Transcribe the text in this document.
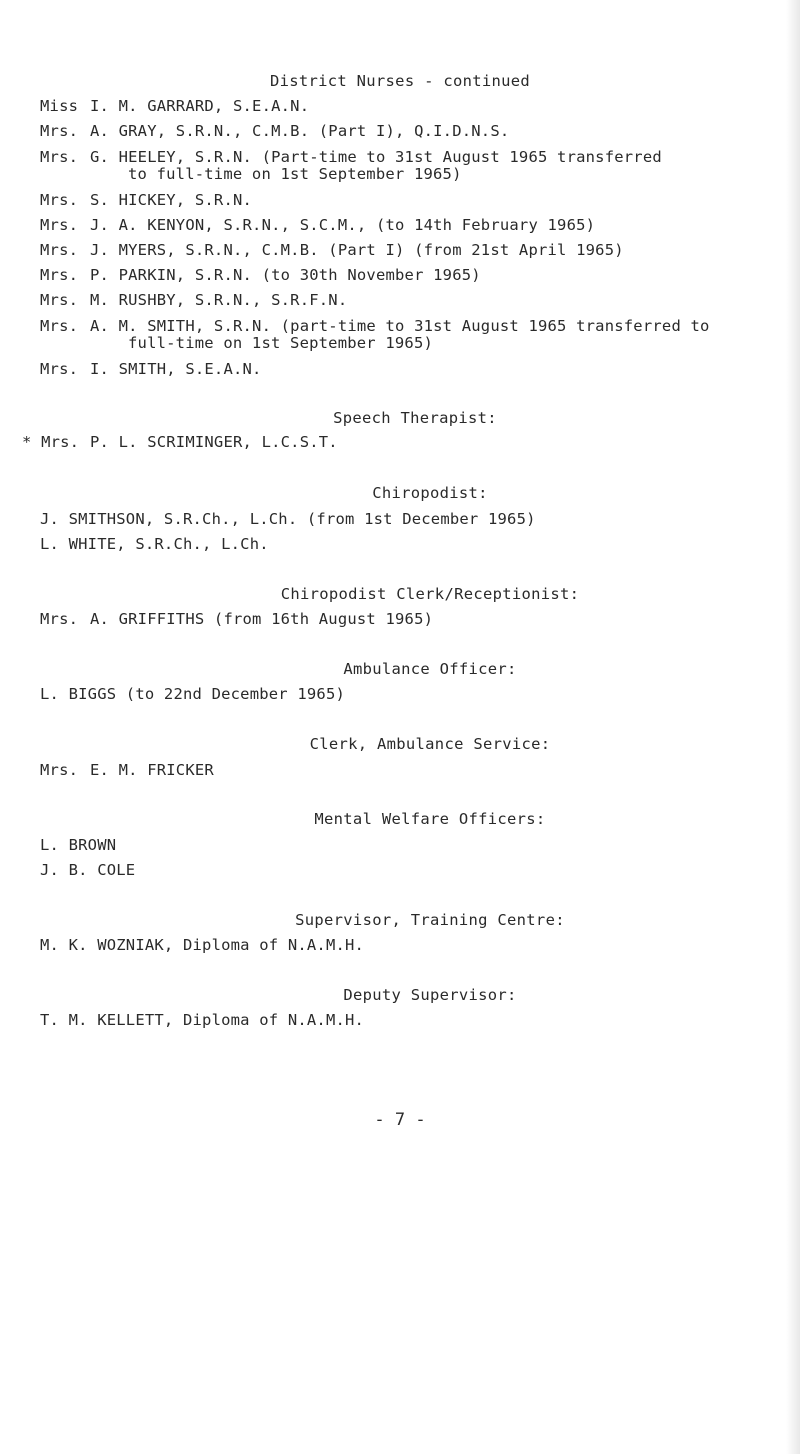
District Nurses - continued
Miss I. M. GARRARD, S.E.A.N.
Mrs. A. GRAY, S.R.N., C.M.B. (Part I), Q.I.D.N.S.
Mrs. G. HEELEY, S.R.N. (Part-time to 31st August 1965 transferred
to full-time on 1st September 1965)
Mrs. S. HICKEY, S.R.N.
Mrs. J. A. KENYON, S.R.N., S.C.M., (to 14th February 1965)
Mrs. J. MYERS, S.R.N., C.M.B. (Part I) (from 21st April 1965)
Mrs. P. PARKIN, S.R.N. (to 30th November 1965)
Mrs. M. RUSHBY, S.R.N., S.R.F.N.
Mrs. A. M. SMITH, S.R.N. (part-time to 31st August 1965 transferred to
full-time on 1st September 1965)
Mrs. I. SMITH, S.E.A.N.
Speech Therapist:
* Mrs. P. L. SCRIMINGER, L.C.S.T.
Chiropodist:
J. SMITHSON, S.R.Ch., L.Ch. (from 1st December 1965)
L. WHITE, S.R.Ch., L.Ch.
Chiropodist Clerk/Receptionist:
Mrs. A. GRIFFITHS (from 16th August 1965)
Ambulance Officer:
L. BIGGS (to 22nd December 1965)
Clerk, Ambulance Service:
Mrs. E. M. FRICKER
Mental Welfare Officers:
L. BROWN
J. B. COLE
Supervisor, Training Centre:
M. K. WOZNIAK, Diploma of N.A.M.H.
Deputy Supervisor:
T. M. KELLETT, Diploma of N.A.M.H.
- 7 -
